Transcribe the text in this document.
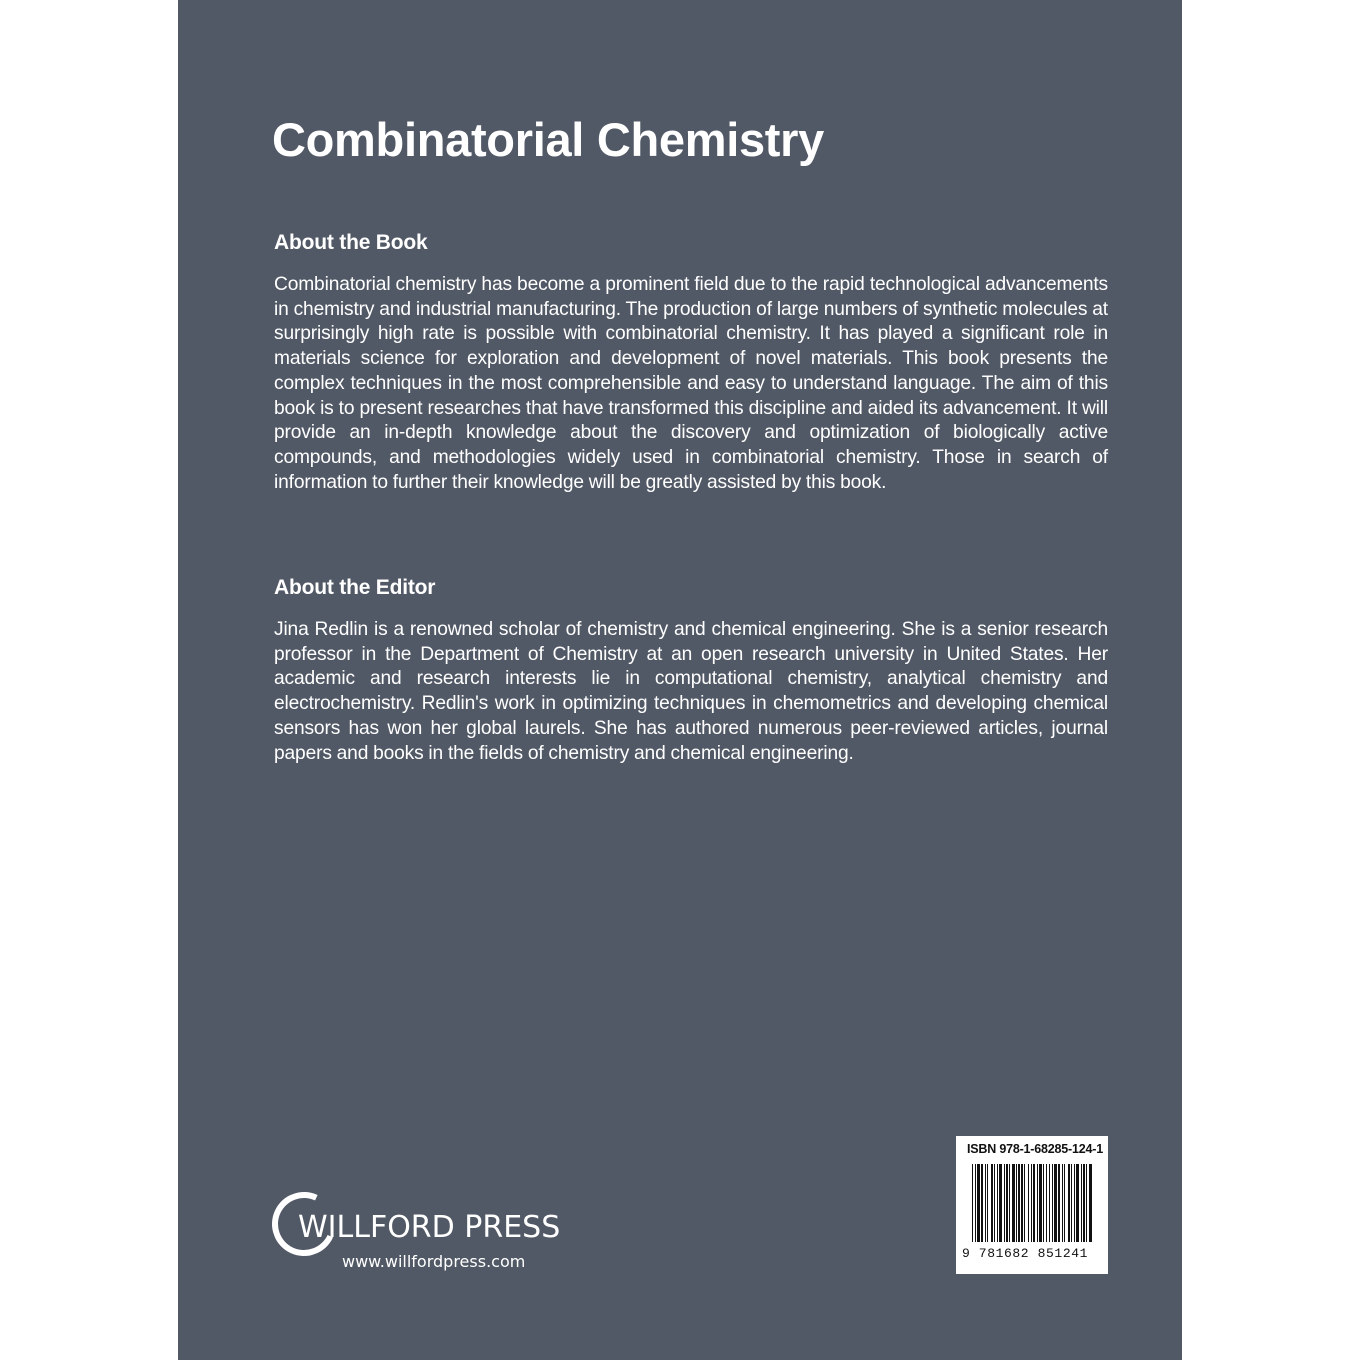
Combinatorial Chemistry
About the Book

Combinatorial chemistry has become a prominent field due to the rapid technological advancements in chemistry and industrial manufacturing. The production of large numbers of synthetic molecules at surprisingly high rate is possible with combinatorial chemistry. It has played a significant role in materials science for exploration and development of novel materials. This book presents the complex techniques in the most comprehensible and easy to understand language. The aim of this book is to present researches that have transformed this discipline and aided its advancement. It will provide an in-depth knowledge about the discovery and optimization of biologically active compounds, and methodologies widely used in combinatorial chemistry. Those in search of information to further their knowledge will be greatly assisted by this book.

About the Editor

Jina Redlin is a renowned scholar of chemistry and chemical engineering. She is a senior research professor in the Department of Chemistry at an open research university in United States. Her academic and research interests lie in computational chemistry, analytical chemistry and electrochemistry. Redlin's work in optimizing techniques in chemometrics and developing chemical sensors has won her global laurels. She has authored numerous peer-reviewed articles, journal papers and books in the fields of chemistry and chemical engineering.

WILLFORD PRESS
www.willfordpress.com
ISBN 978-1-68285-124-1
9 781682 851241
